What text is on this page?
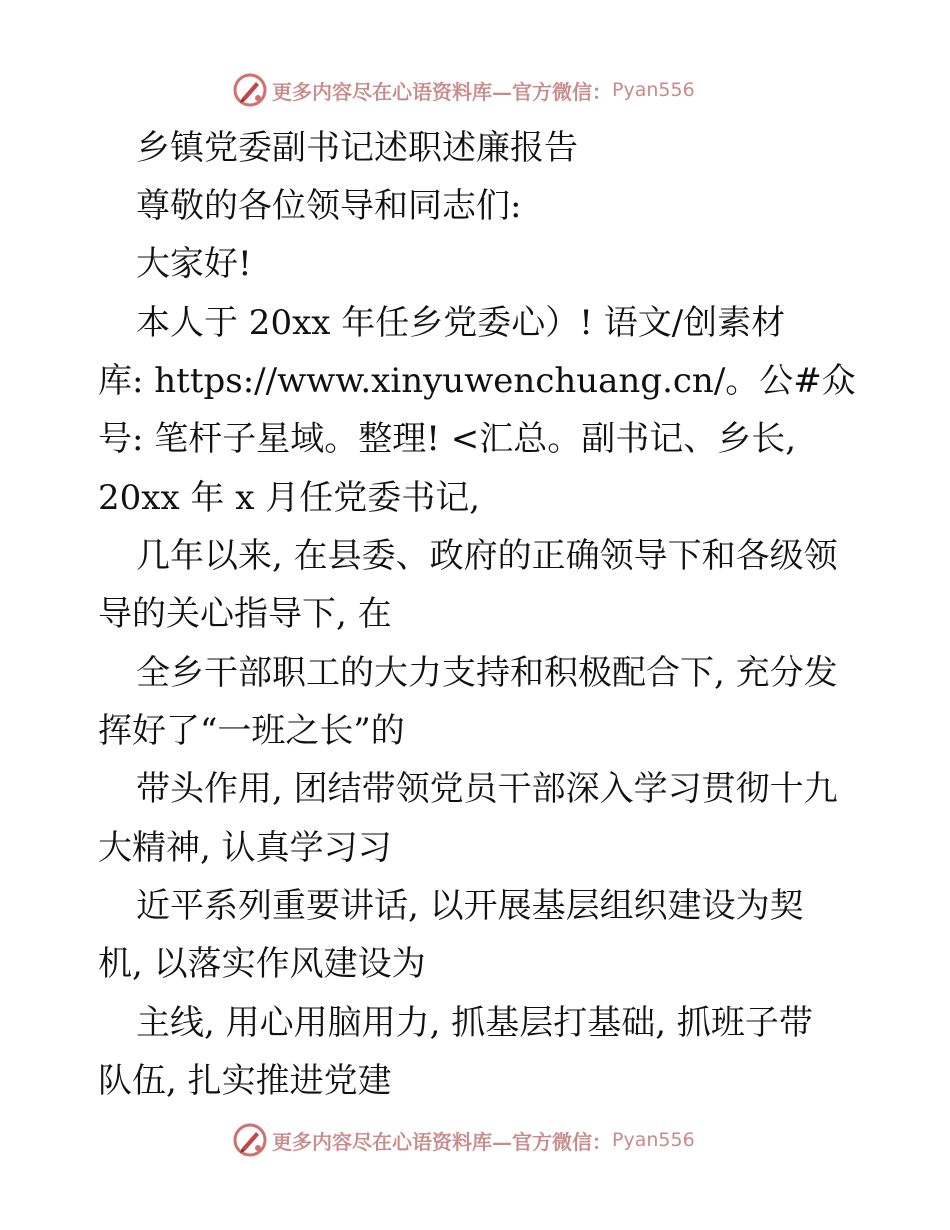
更多内容尽在心语资料库—官方微信： Pyan556
乡镇党委副书记述职述廉报告
尊敬的各位领导和同志们:
大家好!
本人于 20xx 年任乡党委心）! 语文/创素材
库: https://www.xinyuwenchuang.cn/。公#众
号: 笔杆子星域。整理! <汇总。副书记、乡长,
20xx 年 x 月任党委书记,
几年以来, 在县委、政府的正确领导下和各级领
导的关心指导下, 在
全乡干部职工的大力支持和积极配合下, 充分发
挥好了“一班之长”的
带头作用, 团结带领党员干部深入学习贯彻十九
大精神, 认真学习习
近平系列重要讲话, 以开展基层组织建设为契
机, 以落实作风建设为
主线, 用心用脑用力, 抓基层打基础, 抓班子带
队伍, 扎实推进党建
更多内容尽在心语资料库—官方微信： Pyan556
